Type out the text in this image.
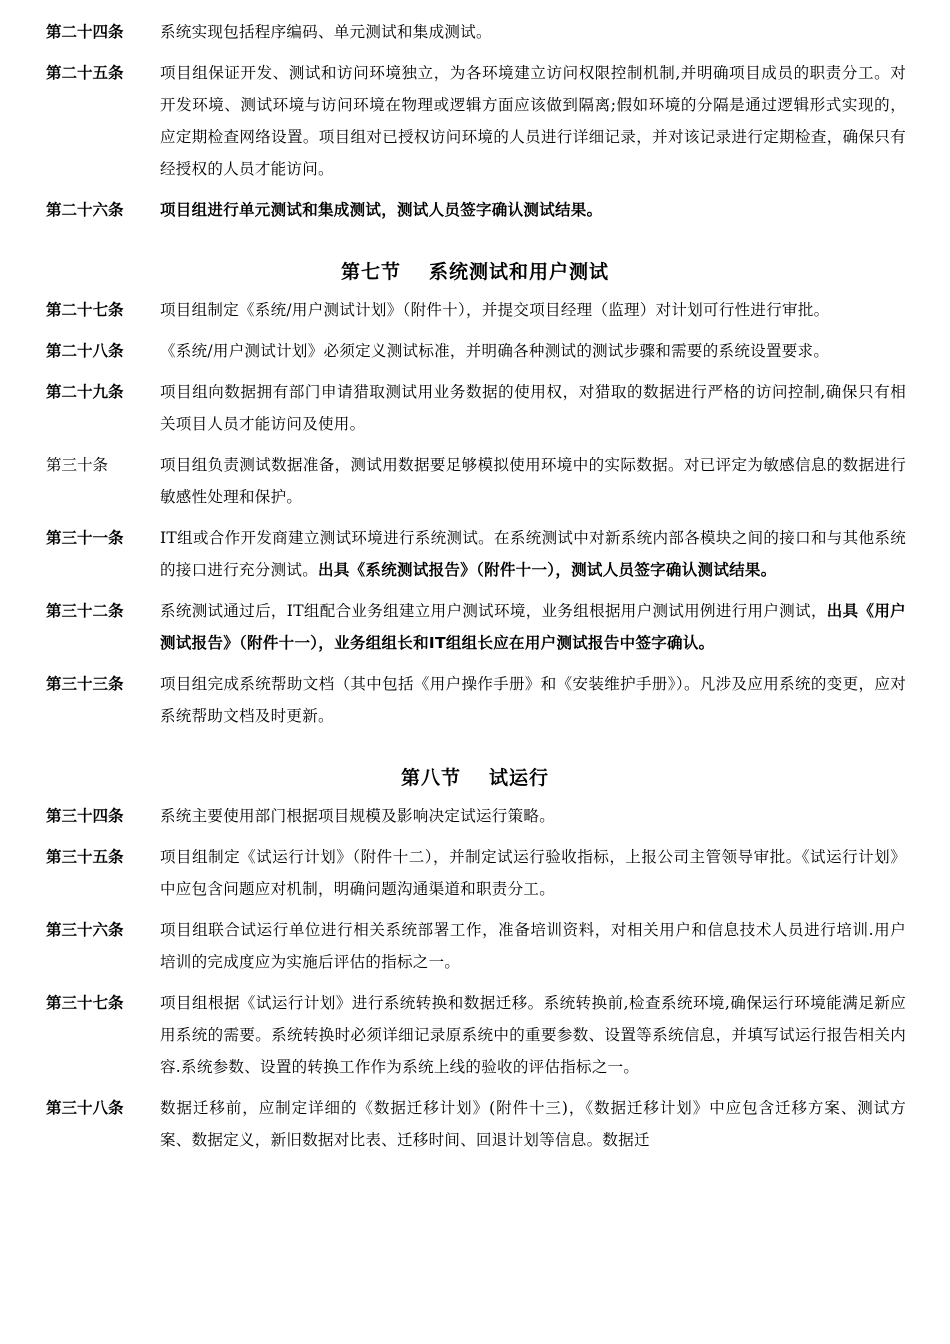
第二十四条	系统实现包括程序编码、单元测试和集成测试。
第二十五条	项目组保证开发、测试和访问环境独立，为各环境建立访问权限控制机制,并明确项目成员的职责分工。对开发环境、测试环境与访问环境在物理或逻辑方面应该做到隔离;假如环境的分隔是通过逻辑形式实现的，应定期检查网络设置。项目组对已授权访问环境的人员进行详细记录，并对该记录进行定期检查，确保只有经授权的人员才能访问。
第二十六条	项目组进行单元测试和集成测试，测试人员签字确认测试结果。
第七节 系统测试和用户测试
第二十七条	项目组制定《系统/用户测试计划》（附件十），并提交项目经理（监理）对计划可行性进行审批。
第二十八条	《系统/用户测试计划》必须定义测试标准，并明确各种测试的测试步骤和需要的系统设置要求。
第二十九条	项目组向数据拥有部门申请猎取测试用业务数据的使用权，对猎取的数据进行严格的访问控制,确保只有相关项目人员才能访问及使用。
第三十条	项目组负责测试数据准备，测试用数据要足够模拟使用环境中的实际数据。对已评定为敏感信息的数据进行敏感性处理和保护。
第三十一条	IT组或合作开发商建立测试环境进行系统测试。在系统测试中对新系统内部各模块之间的接口和与其他系统的接口进行充分测试。出具《系统测试报告》（附件十一），测试人员签字确认测试结果。
第三十二条	系统测试通过后，IT组配合业务组建立用户测试环境，业务组根据用户测试用例进行用户测试，出具《用户测试报告》（附件十一），业务组组长和IT组组长应在用户测试报告中签字确认。
第三十三条	项目组完成系统帮助文档（其中包括《用户操作手册》和《安装维护手册》）。凡涉及应用系统的变更，应对系统帮助文档及时更新。
第八节 试运行
第三十四条	系统主要使用部门根据项目规模及影响决定试运行策略。
第三十五条	项目组制定《试运行计划》（附件十二），并制定试运行验收指标，上报公司主管领导审批。《试运行计划》中应包含问题应对机制，明确问题沟通渠道和职责分工。
第三十六条	项目组联合试运行单位进行相关系统部署工作，准备培训资料，对相关用户和信息技术人员进行培训.用户培训的完成度应为实施后评估的指标之一。
第三十七条	项目组根据《试运行计划》进行系统转换和数据迁移。系统转换前,检查系统环境,确保运行环境能满足新应用系统的需要。系统转换时必须详细记录原系统中的重要参数、设置等系统信息，并填写试运行报告相关内容.系统参数、设置的转换工作作为系统上线的验收的评估指标之一。
第三十八条	数据迁移前，应制定详细的《数据迁移计划》(附件十三)，《数据迁移计划》中应包含迁移方案、测试方案、数据定义，新旧数据对比表、迁移时间、回退计划等信息。数据迁
